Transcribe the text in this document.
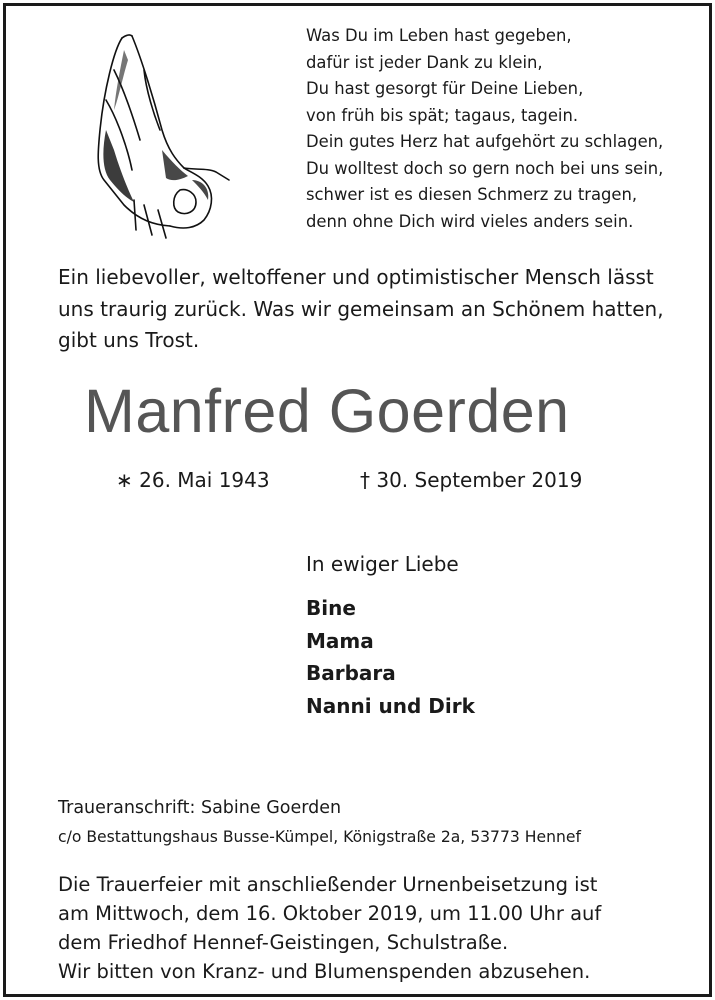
Was Du im Leben hast gegeben,
dafür ist jeder Dank zu klein,
Du hast gesorgt für Deine Lieben,
von früh bis spät; tagaus, tagein.
Dein gutes Herz hat aufgehört zu schlagen,
Du wolltest doch so gern noch bei uns sein,
schwer ist es diesen Schmerz zu tragen,
denn ohne Dich wird vieles anders sein.
Ein liebevoller, weltoffener und optimistischer Mensch lässt
uns traurig zurück. Was wir gemeinsam an Schönem hatten,
gibt uns Trost.
Manfred Goerden
∗ 26. Mai 1943	† 30. September 2019
In ewiger Liebe
Bine
Mama
Barbara
Nanni und Dirk
Traueranschrift: Sabine Goerden
c/o Bestattungshaus Busse-Kümpel, Königstraße 2a, 53773 Hennef
Die Trauerfeier mit anschließender Urnenbeisetzung ist
am Mittwoch, dem 16. Oktober 2019, um 11.00 Uhr auf
dem Friedhof Hennef-Geistingen, Schulstraße.
Wir bitten von Kranz- und Blumenspenden abzusehen.
